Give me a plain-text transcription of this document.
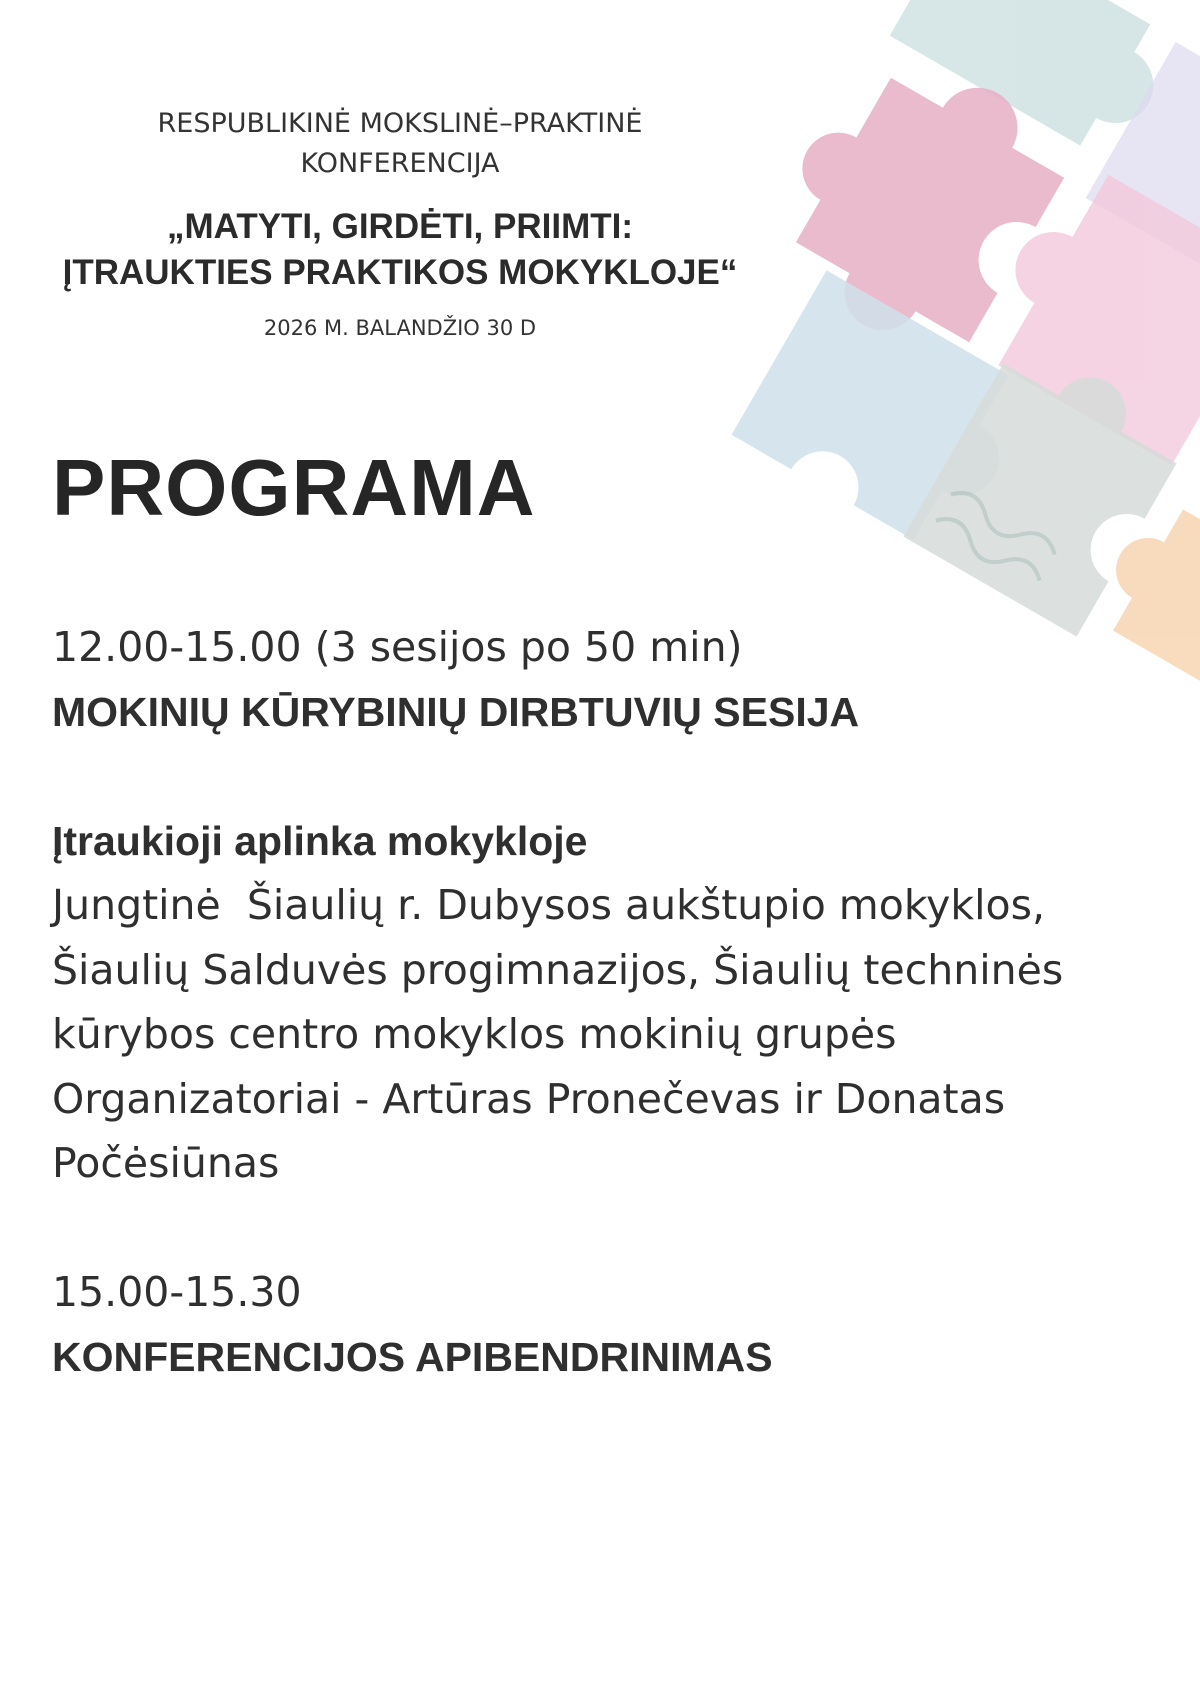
RESPUBLIKINĖ MOKSLINĖ–PRAKTINĖ
KONFERENCIJA
„MATYTI, GIRDĖTI, PRIIMTI:
ĮTRAUKTIES PRAKTIKOS MOKYKLOJE“
2026 M. BALANDŽIO 30 D
PROGRAMA
12.00-15.00 (3 sesijos po 50 min)
MOKINIŲ KŪRYBINIŲ DIRBTUVIŲ SESIJA
Įtraukioji aplinka mokykloje
Jungtinė  Šiaulių r. Dubysos aukštupio mokyklos,
Šiaulių Salduvės progimnazijos, Šiaulių techninės
kūrybos centro mokyklos mokinių grupės
Organizatoriai - Artūras Pronečevas ir Donatas
Počėsiūnas
15.00-15.30
KONFERENCIJOS APIBENDRINIMAS
